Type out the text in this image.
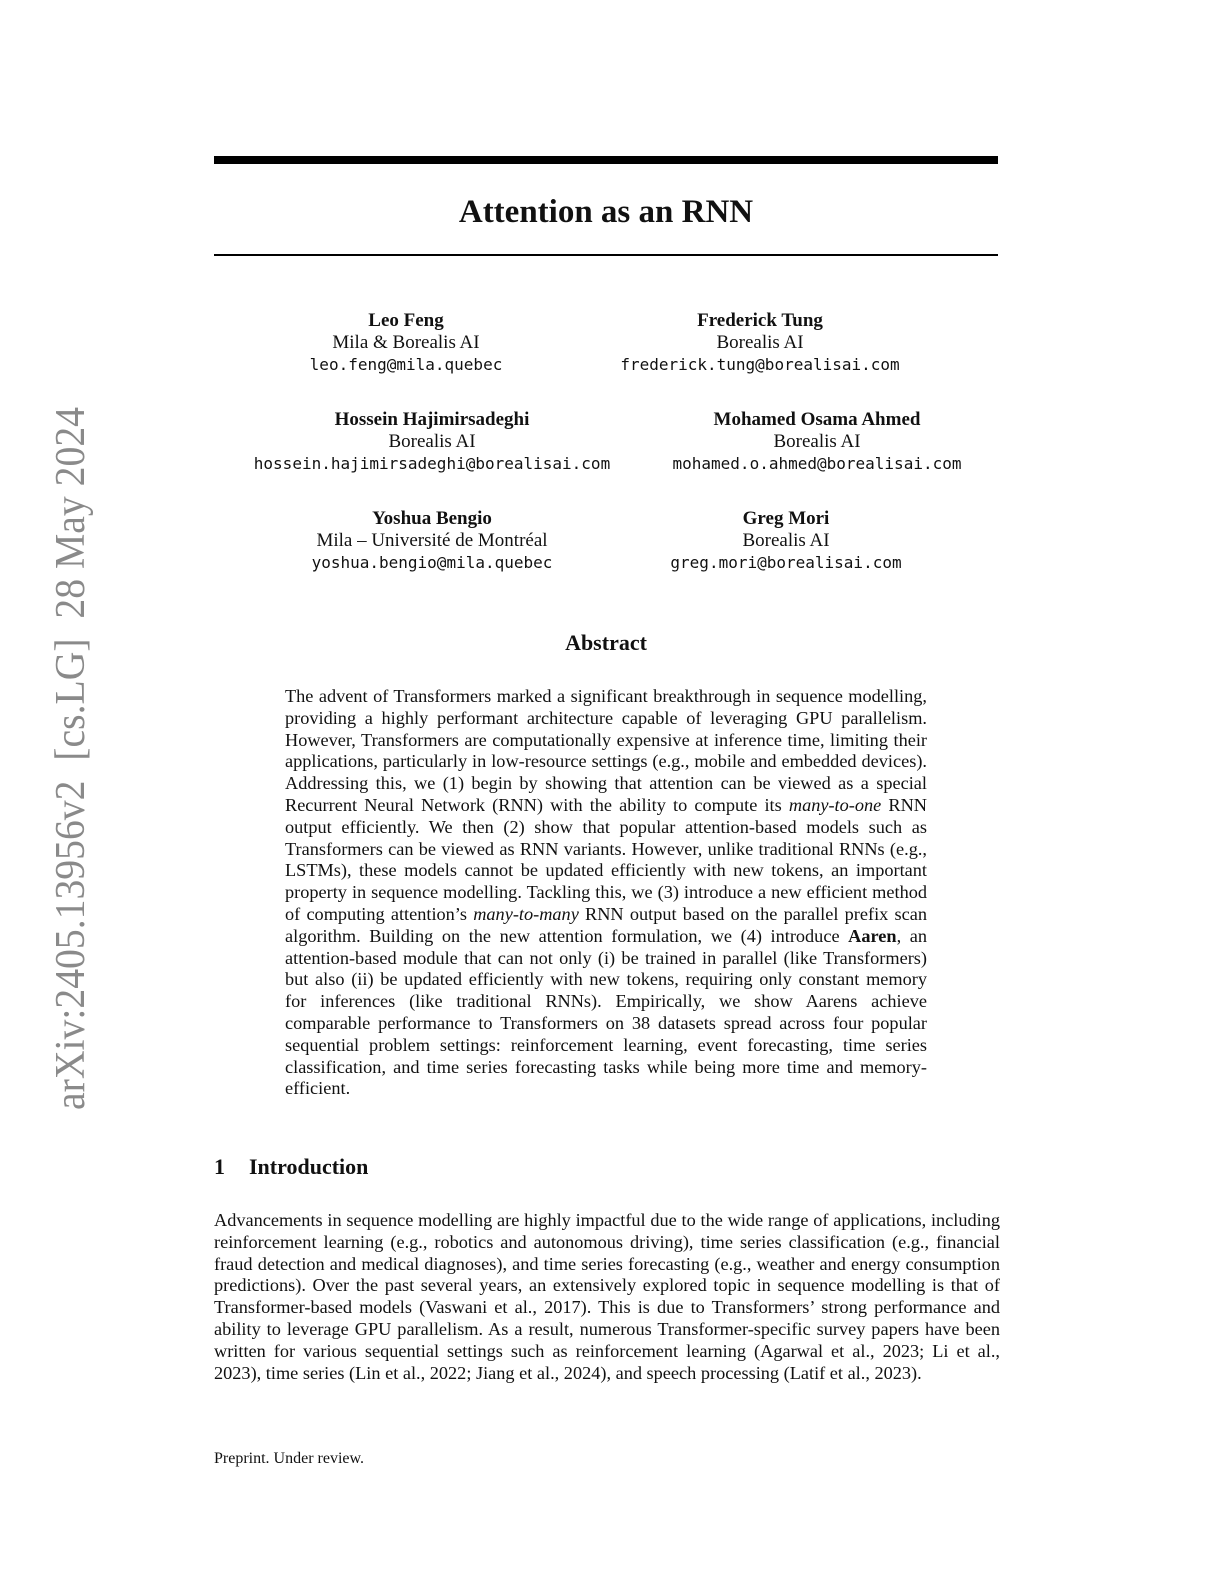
arXiv:2405.13956v2  [cs.LG]  28 May 2024
Attention as an RNN
Leo Feng
Mila & Borealis AI
leo.feng@mila.quebec
Frederick Tung
Borealis AI
frederick.tung@borealisai.com
Hossein Hajimirsadeghi
Borealis AI
hossein.hajimirsadeghi@borealisai.com
Mohamed Osama Ahmed
Borealis AI
mohamed.o.ahmed@borealisai.com
Yoshua Bengio
Mila – Université de Montréal
yoshua.bengio@mila.quebec
Greg Mori
Borealis AI
greg.mori@borealisai.com
Abstract

The advent of Transformers marked a significant breakthrough in sequence modelling, providing a highly performant architecture capable of leveraging GPU parallelism. However, Transformers are computationally expensive at inference time, limiting their applications, particularly in low-resource settings (e.g., mobile and embedded devices). Addressing this, we (1) begin by showing that attention can be viewed as a special Recurrent Neural Network (RNN) with the ability to compute its many-to-one RNN output efficiently. We then (2) show that popular attention-based models such as Transformers can be viewed as RNN variants. However, unlike traditional RNNs (e.g., LSTMs), these models cannot be updated efficiently with new tokens, an important property in sequence modelling. Tackling this, we (3) introduce a new efficient method of computing attention’s many-to-many RNN output based on the parallel prefix scan algorithm. Building on the new attention formulation, we (4) introduce Aaren, an attention-based module that can not only (i) be trained in parallel (like Transformers) but also (ii) be updated efficiently with new tokens, requiring only constant memory for inferences (like traditional RNNs). Empirically, we show Aarens achieve comparable performance to Transformers on 38 datasets spread across four popular sequential problem settings: reinforcement learning, event forecasting, time series classification, and time series forecasting tasks while being more time and memory-efficient.

1 Introduction

Advancements in sequence modelling are highly impactful due to the wide range of applications, including reinforcement learning (e.g., robotics and autonomous driving), time series classification (e.g., financial fraud detection and medical diagnoses), and time series forecasting (e.g., weather and energy consumption predictions). Over the past several years, an extensively explored topic in sequence modelling is that of Transformer-based models (Vaswani et al., 2017). This is due to Transformers’ strong performance and ability to leverage GPU parallelism. As a result, numerous Transformer-specific survey papers have been written for various sequential settings such as reinforcement learning (Agarwal et al., 2023; Li et al., 2023), time series (Lin et al., 2022; Jiang et al., 2024), and speech processing (Latif et al., 2023).

Preprint. Under review.
